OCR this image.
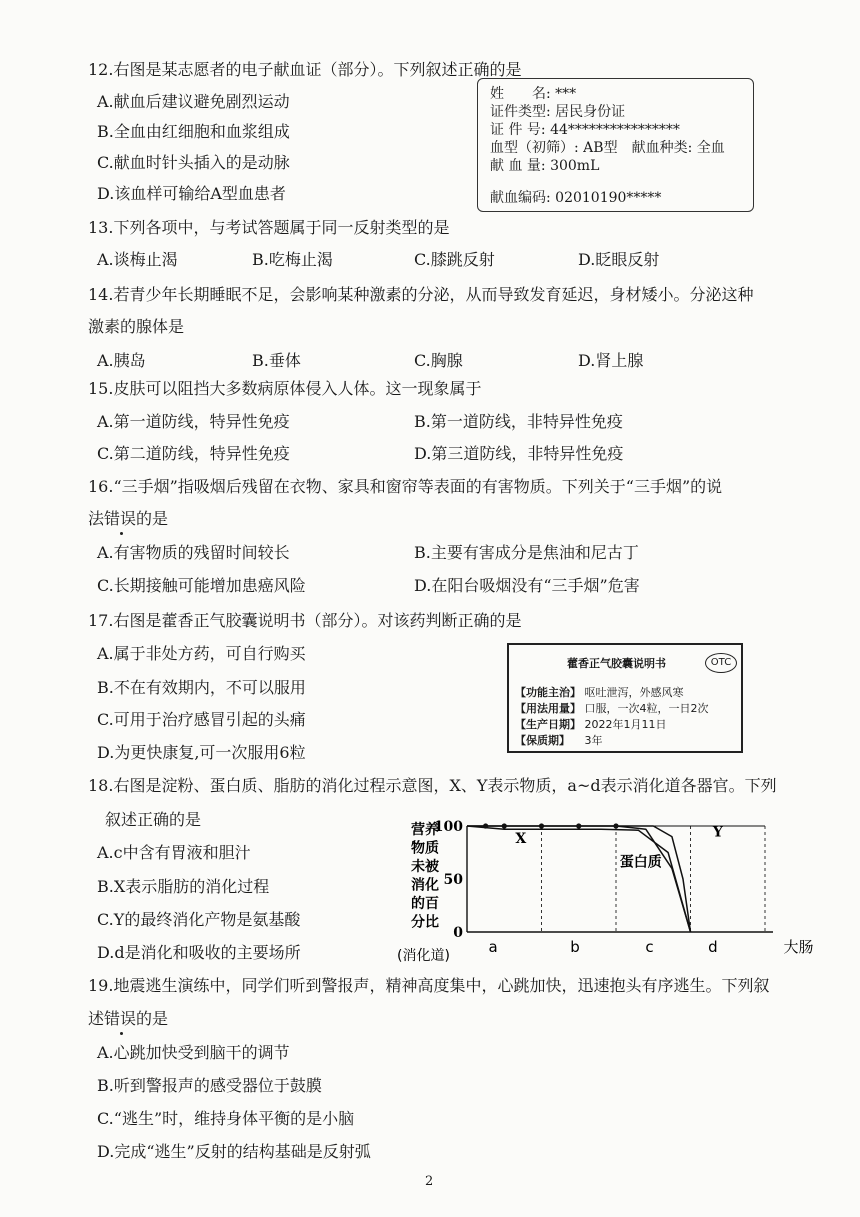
12.右图是某志愿者的电子献血证（部分）。下列叙述正确的是
A.献血后建议避免剧烈运动
B.全血由红细胞和血浆组成
C.献血时针头插入的是动脉
D.该血样可输给A型血患者
姓　　名: ***
证件类型: 居民身份证
证 件 号: 44****************
血型（初筛）: AB型　献血种类: 全血
献 血 量: 300mL
献血编码: 02010190*****
13.下列各项中，与考试答题属于同一反射类型的是
A.谈梅止渴	B.吃梅止渴	C.膝跳反射	D.眨眼反射
14.若青少年长期睡眠不足，会影响某种激素的分泌，从而导致发育延迟，身材矮小。分泌这种
激素的腺体是
A.胰岛	B.垂体	C.胸腺	D.肾上腺
15.皮肤可以阻挡大多数病原体侵入人体。这一现象属于
A.第一道防线，特异性免疫	B.第一道防线，非特异性免疫
C.第二道防线，特异性免疫	D.第三道防线，非特异性免疫
16.“三手烟”指吸烟后残留在衣物、家具和窗帘等表面的有害物质。下列关于“三手烟”的说
法错误的是
A.有害物质的残留时间较长	B.主要有害成分是焦油和尼古丁
C.长期接触可能增加患癌风险	D.在阳台吸烟没有“三手烟”危害
17.右图是藿香正气胶囊说明书（部分）。对该药判断正确的是
A.属于非处方药，可自行购买
B.不在有效期内，不可以服用
C.可用于治疗感冒引起的头痛
D.为更快康复,可一次服用6粒
藿香正气胶囊说明书	OTC
【功能主治】 呕吐泄泻，外感风寒
【用法用量】 口服，一次4粒，一日2次
【生产日期】 2022年1月11日
【保质期】 　3年
18.右图是淀粉、蛋白质、脂肪的消化过程示意图，X、Y表示物质，a~d表示消化道各器官。下列
叙述正确的是
A.c中含有胃液和胆汁
B.X表示脂肪的消化过程
C.Y的最终消化产物是氨基酸
D.d是消化和吸收的主要场所
营养
物质
未被
消化
的百
分比
100
50
0
X
蛋白质
Y
a	b	c	d	大肠
(消化道)
19.地震逃生演练中，同学们听到警报声，精神高度集中，心跳加快，迅速抱头有序逃生。下列叙
述错误的是
A.心跳加快受到脑干的调节
B.听到警报声的感受器位于鼓膜
C.“逃生”时，维持身体平衡的是小脑
D.完成“逃生”反射的结构基础是反射弧
2
